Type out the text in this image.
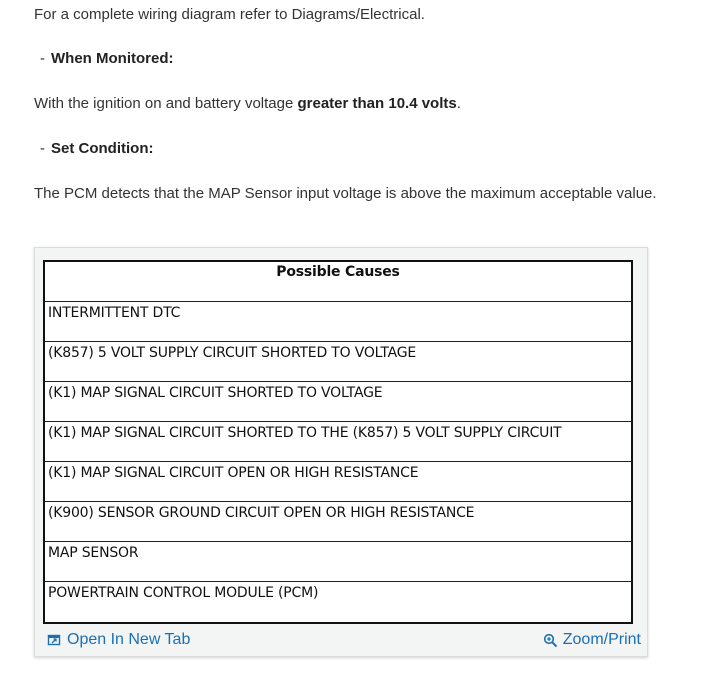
For a complete wiring diagram refer to Diagrams/Electrical.
- When Monitored:
With the ignition on and battery voltage greater than 10.4 volts.
- Set Condition:
The PCM detects that the MAP Sensor input voltage is above the maximum acceptable value.
Possible Causes
INTERMITTENT DTC
(K857) 5 VOLT SUPPLY CIRCUIT SHORTED TO VOLTAGE
(K1) MAP SIGNAL CIRCUIT SHORTED TO VOLTAGE
(K1) MAP SIGNAL CIRCUIT SHORTED TO THE (K857) 5 VOLT SUPPLY CIRCUIT
(K1) MAP SIGNAL CIRCUIT OPEN OR HIGH RESISTANCE
(K900) SENSOR GROUND CIRCUIT OPEN OR HIGH RESISTANCE
MAP SENSOR
POWERTRAIN CONTROL MODULE (PCM)
Open In New Tab	Zoom/Print
